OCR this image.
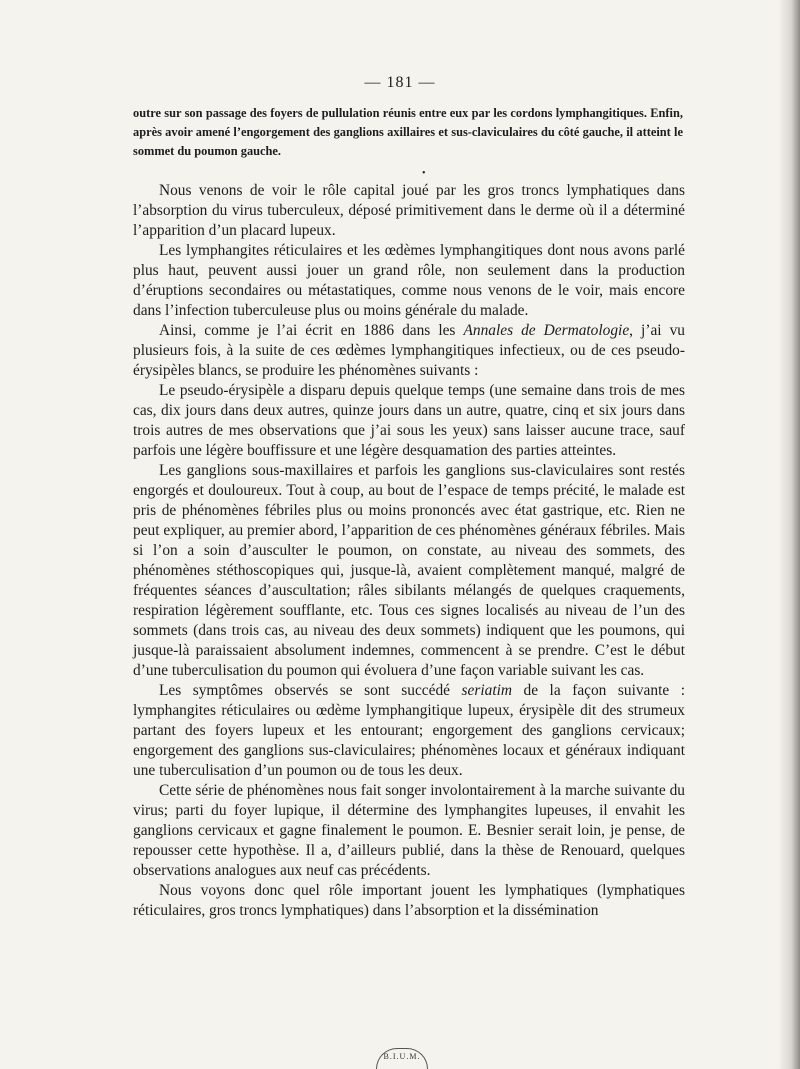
— 181 —

outre sur son passage des foyers de pullulation réunis entre eux par les cordons lymphangitiques. Enfin, après avoir amené l’engorgement des ganglions axillaires et sus-claviculaires du côté gauche, il atteint le sommet du poumon gauche.

•

Nous venons de voir le rôle capital joué par les gros troncs lymphatiques dans l’absorption du virus tuberculeux, déposé primitivement dans le derme où il a déterminé l’apparition d’un placard lupeux.

Les lymphangites réticulaires et les œdèmes lymphangitiques dont nous avons parlé plus haut, peuvent aussi jouer un grand rôle, non seulement dans la production d’éruptions secondaires ou métastatiques, comme nous venons de le voir, mais encore dans l’infection tuberculeuse plus ou moins générale du malade.

Ainsi, comme je l’ai écrit en 1886 dans les Annales de Dermatologie, j’ai vu plusieurs fois, à la suite de ces œdèmes lymphangitiques infectieux, ou de ces pseudo-érysipèles blancs, se produire les phénomènes suivants :

Le pseudo-érysipèle a disparu depuis quelque temps (une semaine dans trois de mes cas, dix jours dans deux autres, quinze jours dans un autre, quatre, cinq et six jours dans trois autres de mes observations que j’ai sous les yeux) sans laisser aucune trace, sauf parfois une légère bouffissure et une légère desquamation des parties atteintes.

Les ganglions sous-maxillaires et parfois les ganglions sus-claviculaires sont restés engorgés et douloureux. Tout à coup, au bout de l’espace de temps précité, le malade est pris de phénomènes fébriles plus ou moins prononcés avec état gastrique, etc. Rien ne peut expliquer, au premier abord, l’apparition de ces phénomènes généraux fébriles. Mais si l’on a soin d’ausculter le poumon, on constate, au niveau des sommets, des phénomènes stéthoscopiques qui, jusque-là, avaient complètement manqué, malgré de fréquentes séances d’auscultation; râles sibilants mélangés de quelques craquements, respiration légèrement soufflante, etc. Tous ces signes localisés au niveau de l’un des sommets (dans trois cas, au niveau des deux sommets) indiquent que les poumons, qui jusque-là paraissaient absolument indemnes, commencent à se prendre. C’est le début d’une tuberculisation du poumon qui évoluera d’une façon variable suivant les cas.

Les symptômes observés se sont succédé seriatim de la façon suivante : lymphangites réticulaires ou œdème lymphangitique lupeux, érysipèle dit des strumeux partant des foyers lupeux et les entourant; engorgement des ganglions cervicaux; engorgement des ganglions sus-claviculaires; phénomènes locaux et généraux indiquant une tuberculisation d’un poumon ou de tous les deux.

Cette série de phénomènes nous fait songer involontairement à la marche suivante du virus; parti du foyer lupique, il détermine des lymphangites lupeuses, il envahit les ganglions cervicaux et gagne finalement le poumon. E. Besnier serait loin, je pense, de repousser cette hypothèse. Il a, d’ailleurs publié, dans la thèse de Renouard, quelques observations analogues aux neuf cas précédents.

Nous voyons donc quel rôle important jouent les lymphatiques (lymphatiques réticulaires, gros troncs lymphatiques) dans l’absorption et la dissémination

B.I.U.M.
